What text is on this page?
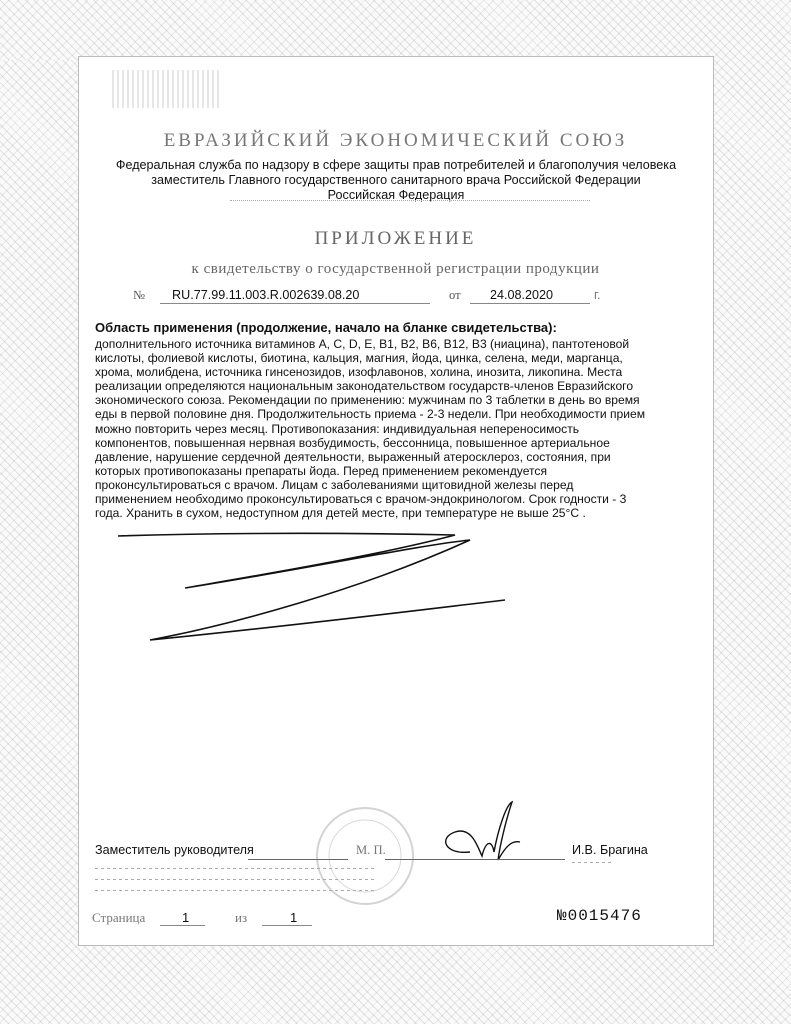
ЕВРАЗИЙСКИЙ ЭКОНОМИЧЕСКИЙ СОЮЗ
Федеральная служба по надзору в сфере защиты прав потребителей и благополучия человека
заместитель Главного государственного санитарного врача Российской Федерации
Российская Федерация
ПРИЛОЖЕНИЕ
к свидетельству о государственной регистрации продукции
№ RU.77.99.11.003.R.002639.08.20	от 24.08.2020	г.
Область применения (продолжение, начало на бланке свидетельства):
дополнительного источника витаминов A, C, D, E, B1, B2, B6, B12, B3 (ниацина), пантотеновой
кислоты, фолиевой кислоты, биотина, кальция, магния, йода, цинка, селена, меди, марганца,
хрома, молибдена, источника гинсенозидов, изофлавонов, холина, инозита, ликопина. Места
реализации определяются национальным законодательством государств-членов Евразийского
экономического союза. Рекомендации по применению: мужчинам по 3 таблетки в день во время
еды в первой половине дня. Продолжительность приема - 2-3 недели. При необходимости прием
можно повторить через месяц. Противопоказания: индивидуальная непереносимость
компонентов, повышенная нервная возбудимость, бессонница, повышенное артериальное
давление, нарушение сердечной деятельности, выраженный атеросклероз, состояния, при
которых противопоказаны препараты йода. Перед применением рекомендуется
проконсультироваться с врачом. Лицам с заболеваниями щитовидной железы перед
применением необходимо проконсультироваться с врачом-эндокринологом. Срок годности - 3
года. Хранить в сухом, недоступном для детей месте, при температуре не выше 25°С .
Заместитель руководителя	М. П.	И.В. Брагина
Страница	1	из	1	№0015476
